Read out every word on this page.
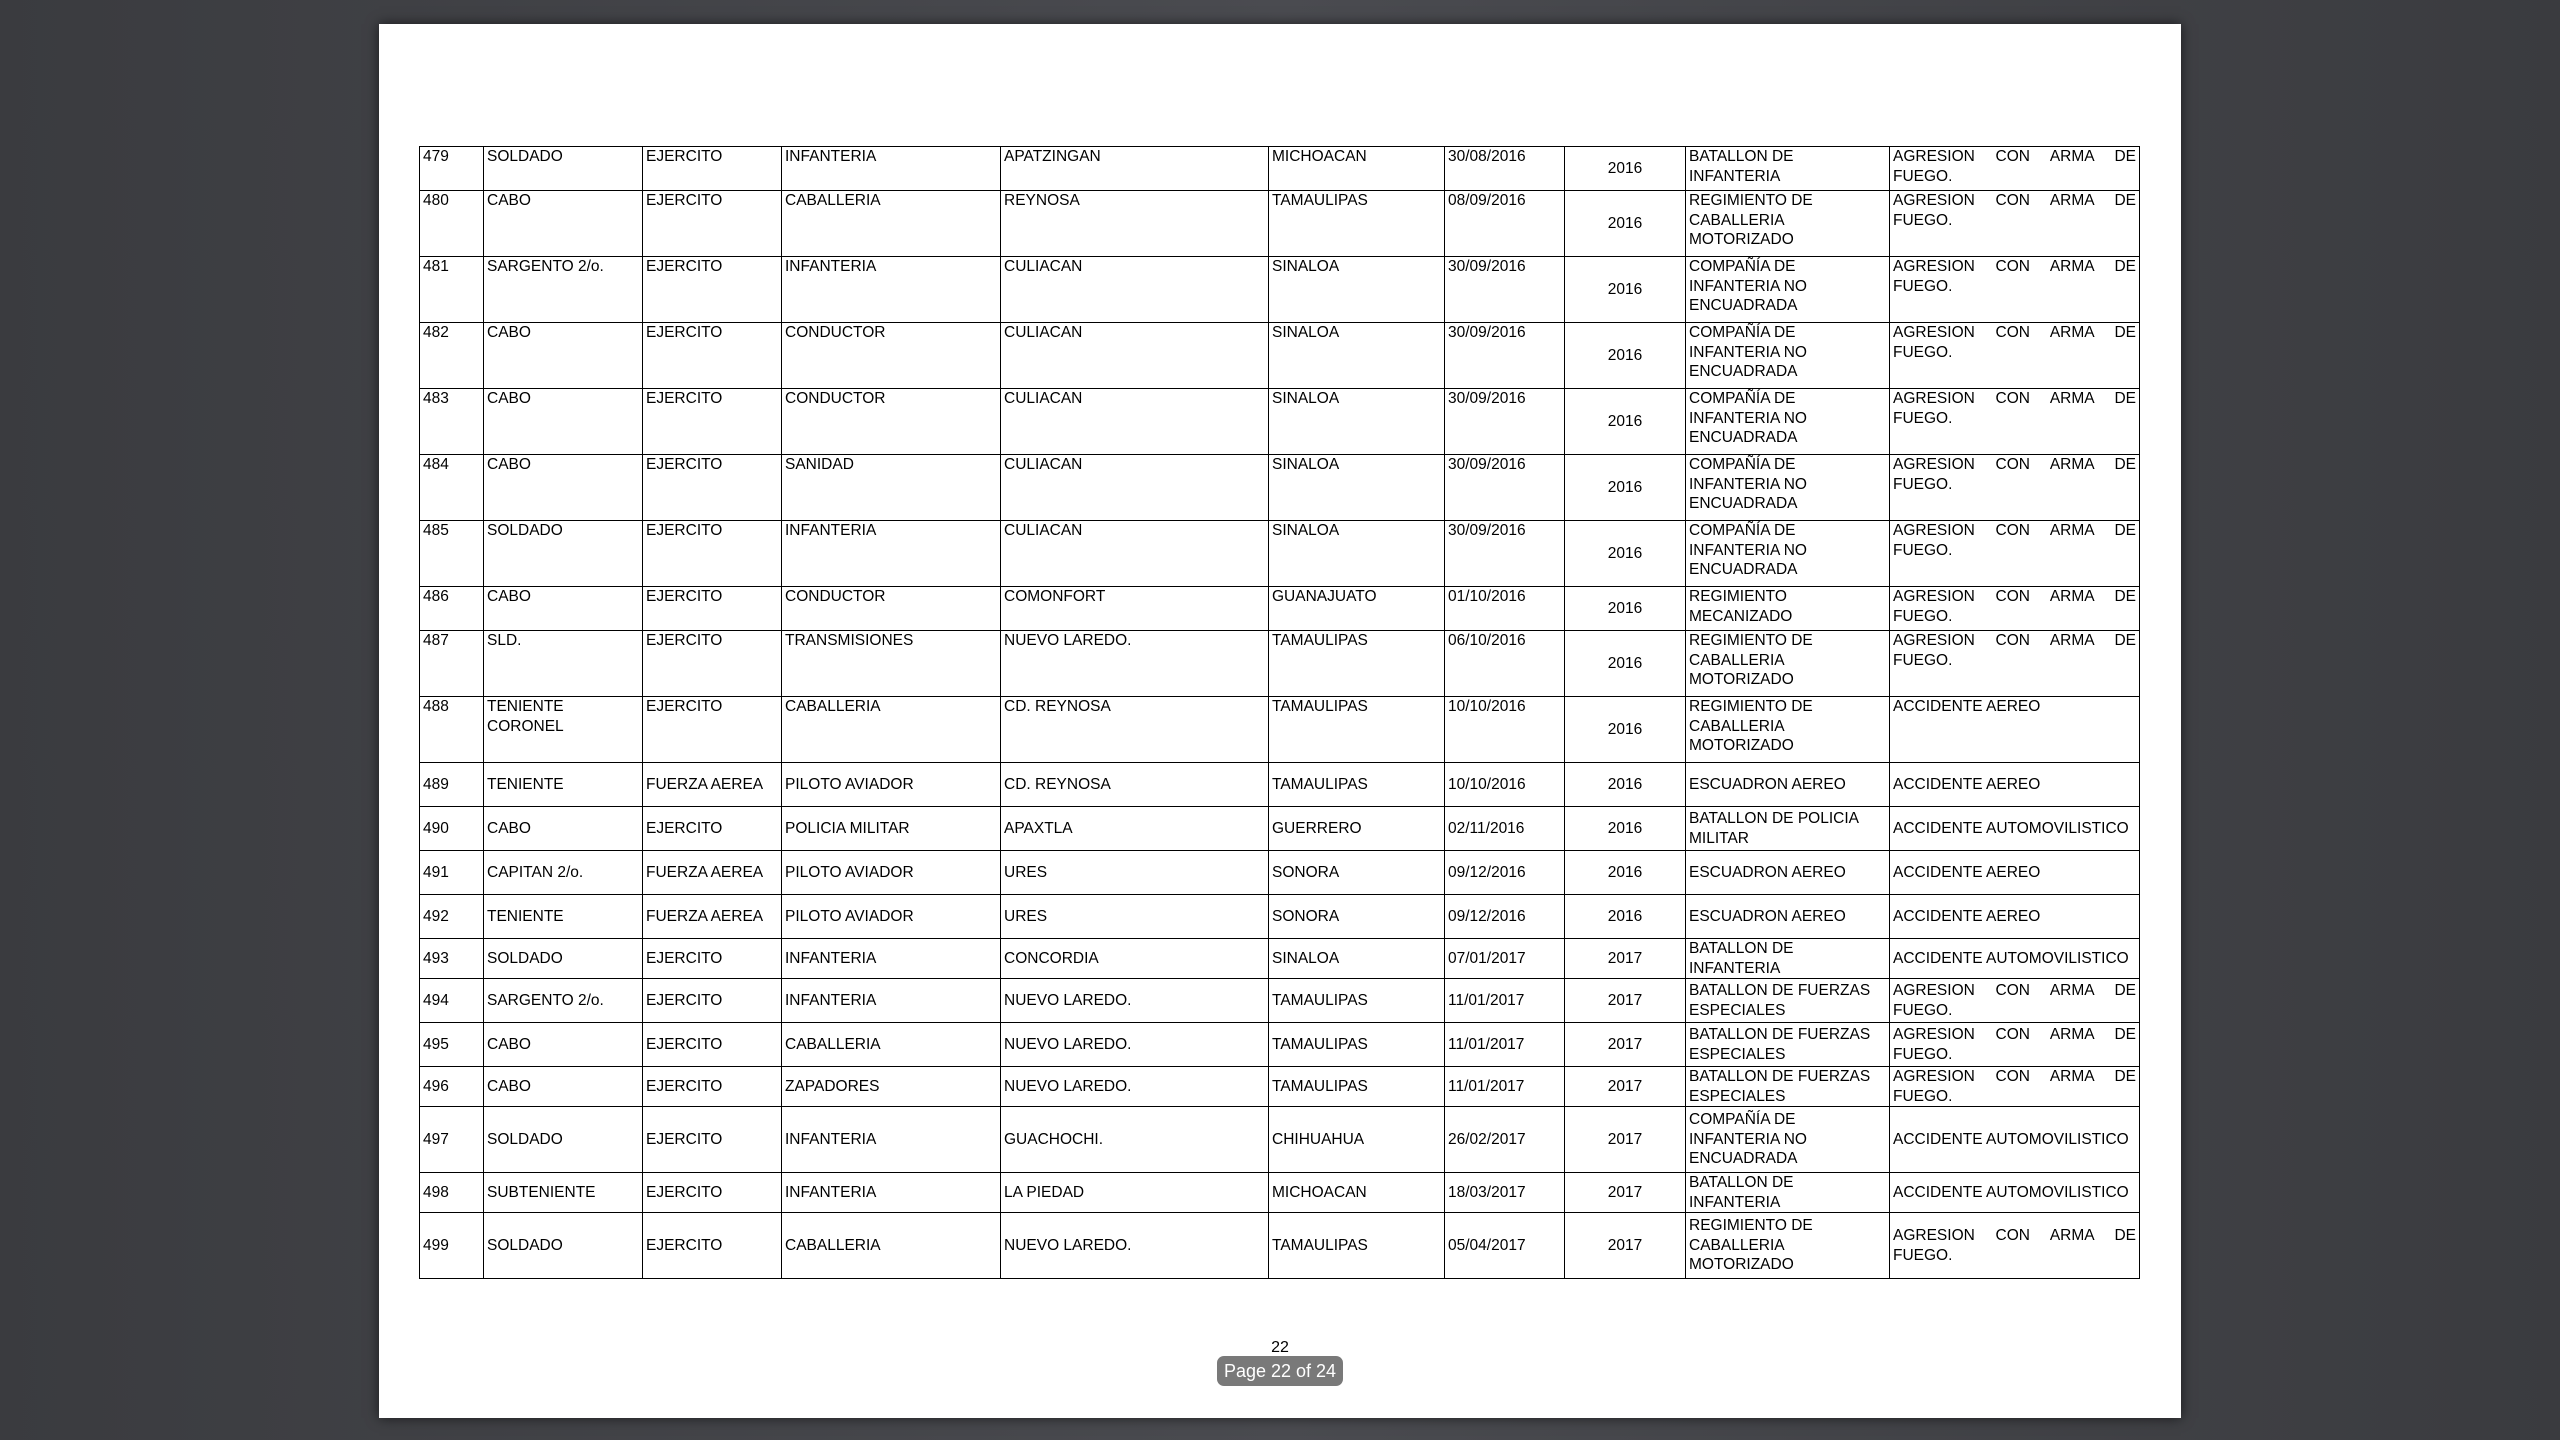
479	SOLDADO	EJERCITO	INFANTERIA	APATZINGAN	MICHOACAN	30/08/2016	2016	BATALLON DE INFANTERIA	AGRESION CON ARMA DE FUEGO.
480	CABO	EJERCITO	CABALLERIA	REYNOSA	TAMAULIPAS	08/09/2016	2016	REGIMIENTO DE CABALLERIA MOTORIZADO	AGRESION CON ARMA DE FUEGO.
481	SARGENTO 2/o.	EJERCITO	INFANTERIA	CULIACAN	SINALOA	30/09/2016	2016	COMPAÑÍA DE INFANTERIA NO ENCUADRADA	AGRESION CON ARMA DE FUEGO.
482	CABO	EJERCITO	CONDUCTOR	CULIACAN	SINALOA	30/09/2016	2016	COMPAÑÍA DE INFANTERIA NO ENCUADRADA	AGRESION CON ARMA DE FUEGO.
483	CABO	EJERCITO	CONDUCTOR	CULIACAN	SINALOA	30/09/2016	2016	COMPAÑÍA DE INFANTERIA NO ENCUADRADA	AGRESION CON ARMA DE FUEGO.
484	CABO	EJERCITO	SANIDAD	CULIACAN	SINALOA	30/09/2016	2016	COMPAÑÍA DE INFANTERIA NO ENCUADRADA	AGRESION CON ARMA DE FUEGO.
485	SOLDADO	EJERCITO	INFANTERIA	CULIACAN	SINALOA	30/09/2016	2016	COMPAÑÍA DE INFANTERIA NO ENCUADRADA	AGRESION CON ARMA DE FUEGO.
486	CABO	EJERCITO	CONDUCTOR	COMONFORT	GUANAJUATO	01/10/2016	2016	REGIMIENTO MECANIZADO	AGRESION CON ARMA DE FUEGO.
487	SLD.	EJERCITO	TRANSMISIONES	NUEVO LAREDO.	TAMAULIPAS	06/10/2016	2016	REGIMIENTO DE CABALLERIA MOTORIZADO	AGRESION CON ARMA DE FUEGO.
488	TENIENTE CORONEL	EJERCITO	CABALLERIA	CD. REYNOSA	TAMAULIPAS	10/10/2016	2016	REGIMIENTO DE CABALLERIA MOTORIZADO	ACCIDENTE AEREO
489	TENIENTE	FUERZA AEREA	PILOTO AVIADOR	CD. REYNOSA	TAMAULIPAS	10/10/2016	2016	ESCUADRON AEREO	ACCIDENTE AEREO
490	CABO	EJERCITO	POLICIA MILITAR	APAXTLA	GUERRERO	02/11/2016	2016	BATALLON DE POLICIA MILITAR	ACCIDENTE AUTOMOVILISTICO
491	CAPITAN 2/o.	FUERZA AEREA	PILOTO AVIADOR	URES	SONORA	09/12/2016	2016	ESCUADRON AEREO	ACCIDENTE AEREO
492	TENIENTE	FUERZA AEREA	PILOTO AVIADOR	URES	SONORA	09/12/2016	2016	ESCUADRON AEREO	ACCIDENTE AEREO
493	SOLDADO	EJERCITO	INFANTERIA	CONCORDIA	SINALOA	07/01/2017	2017	BATALLON DE INFANTERIA	ACCIDENTE AUTOMOVILISTICO
494	SARGENTO 2/o.	EJERCITO	INFANTERIA	NUEVO LAREDO.	TAMAULIPAS	11/01/2017	2017	BATALLON DE FUERZAS ESPECIALES	AGRESION CON ARMA DE FUEGO.
495	CABO	EJERCITO	CABALLERIA	NUEVO LAREDO.	TAMAULIPAS	11/01/2017	2017	BATALLON DE FUERZAS ESPECIALES	AGRESION CON ARMA DE FUEGO.
496	CABO	EJERCITO	ZAPADORES	NUEVO LAREDO.	TAMAULIPAS	11/01/2017	2017	BATALLON DE FUERZAS ESPECIALES	AGRESION CON ARMA DE FUEGO.
497	SOLDADO	EJERCITO	INFANTERIA	GUACHOCHI.	CHIHUAHUA	26/02/2017	2017	COMPAÑÍA DE INFANTERIA NO ENCUADRADA	ACCIDENTE AUTOMOVILISTICO
498	SUBTENIENTE	EJERCITO	INFANTERIA	LA PIEDAD	MICHOACAN	18/03/2017	2017	BATALLON DE INFANTERIA	ACCIDENTE AUTOMOVILISTICO
499	SOLDADO	EJERCITO	CABALLERIA	NUEVO LAREDO.	TAMAULIPAS	05/04/2017	2017	REGIMIENTO DE CABALLERIA MOTORIZADO	AGRESION CON ARMA DE FUEGO.
22
Page 22 of 24
